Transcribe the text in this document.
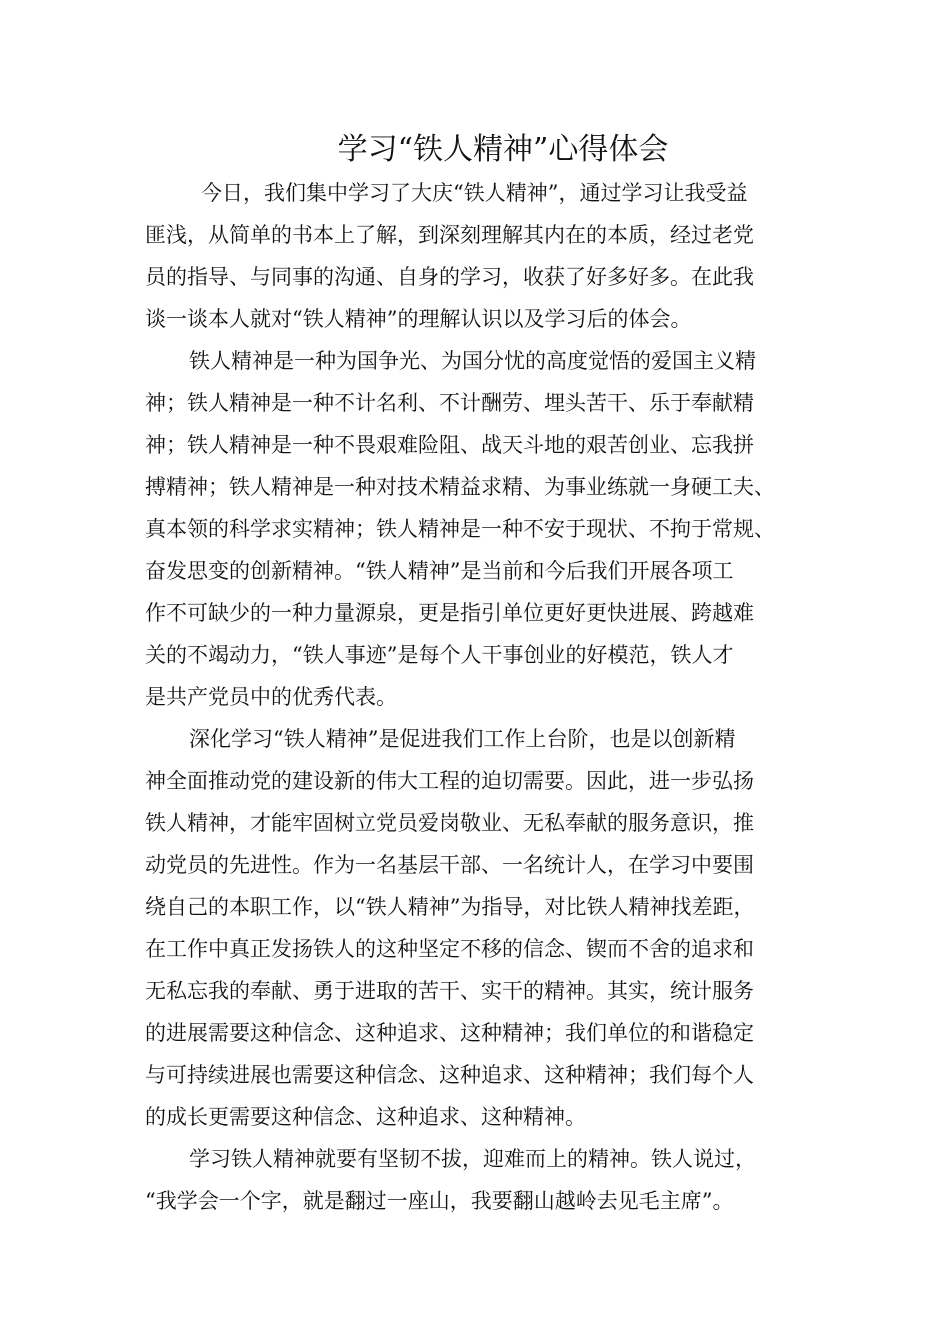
学习“铁人精神”心得体会
今日，我们集中学习了大庆“铁人精神”，通过学习让我受益
匪浅，从简单的书本上了解，到深刻理解其内在的本质，经过老党
员的指导、与同事的沟通、自身的学习，收获了好多好多。在此我
谈一谈本人就对“铁人精神”的理解认识以及学习后的体会。
铁人精神是一种为国争光、为国分忧的高度觉悟的爱国主义精
神；铁人精神是一种不计名利、不计酬劳、埋头苦干、乐于奉献精
神；铁人精神是一种不畏艰难险阻、战天斗地的艰苦创业、忘我拼
搏精神；铁人精神是一种对技术精益求精、为事业练就一身硬工夫、
真本领的科学求实精神；铁人精神是一种不安于现状、不拘于常规、
奋发思变的创新精神。“铁人精神”是当前和今后我们开展各项工
作不可缺少的一种力量源泉，更是指引单位更好更快进展、跨越难
关的不竭动力，“铁人事迹”是每个人干事创业的好模范，铁人才
是共产党员中的优秀代表。
深化学习“铁人精神”是促进我们工作上台阶，也是以创新精
神全面推动党的建设新的伟大工程的迫切需要。因此，进一步弘扬
铁人精神，才能牢固树立党员爱岗敬业、无私奉献的服务意识，推
动党员的先进性。作为一名基层干部、一名统计人，在学习中要围
绕自己的本职工作，以“铁人精神”为指导，对比铁人精神找差距，
在工作中真正发扬铁人的这种坚定不移的信念、锲而不舍的追求和
无私忘我的奉献、勇于进取的苦干、实干的精神。其实，统计服务
的进展需要这种信念、这种追求、这种精神；我们单位的和谐稳定
与可持续进展也需要这种信念、这种追求、这种精神；我们每个人
的成长更需要这种信念、这种追求、这种精神。
学习铁人精神就要有坚韧不拔，迎难而上的精神。铁人说过，
“我学会一个字，就是翻过一座山，我要翻山越岭去见毛主席”。
